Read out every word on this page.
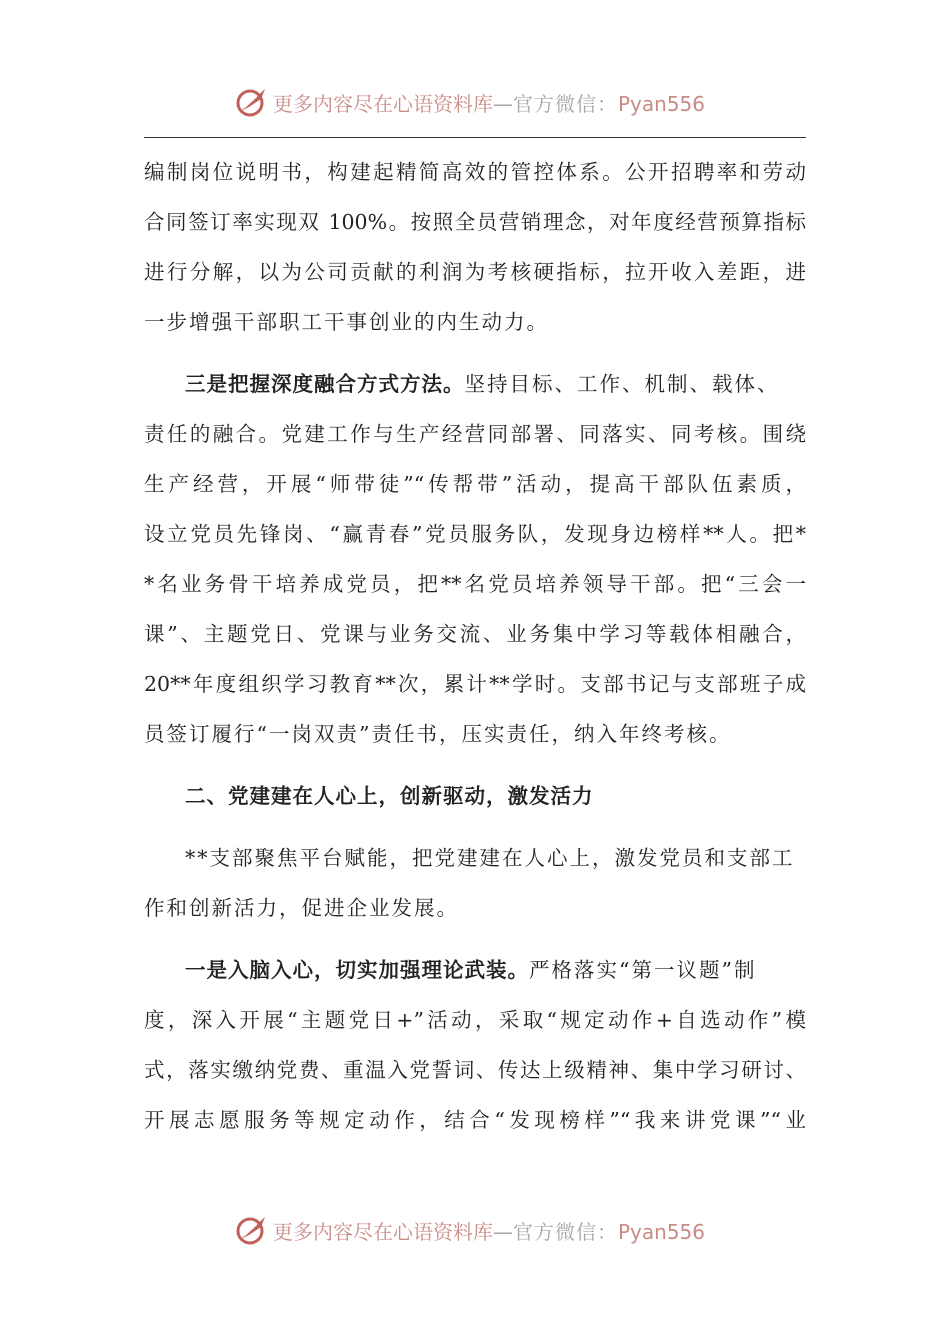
更多内容尽在心语资料库—官方微信：Pyan556
编制岗位说明书，构建起精简高效的管控体系。公开招聘率和劳动
合同签订率实现双 100%。按照全员营销理念，对年度经营预算指标
进行分解，以为公司贡献的利润为考核硬指标，拉开收入差距，进
一步增强干部职工干事创业的内生动力。
三是把握深度融合方式方法。坚持目标、工作、机制、载体、
责任的融合。党建工作与生产经营同部署、同落实、同考核。围绕
生产经营，开展“师带徒”“传帮带”活动，提高干部队伍素质，
设立党员先锋岗、“赢青春”党员服务队，发现身边榜样**人。把*
*名业务骨干培养成党员，把**名党员培养领导干部。把“三会一
课”、主题党日、党课与业务交流、业务集中学习等载体相融合，
20**年度组织学习教育**次，累计**学时。支部书记与支部班子成
员签订履行“一岗双责”责任书，压实责任，纳入年终考核。
二、党建建在人心上，创新驱动，激发活力
**支部聚焦平台赋能，把党建建在人心上，激发党员和支部工
作和创新活力，促进企业发展。
一是入脑入心，切实加强理论武装。严格落实“第一议题”制
度，深入开展“主题党日+”活动，采取“规定动作+自选动作”模
式，落实缴纳党费、重温入党誓词、传达上级精神、集中学习研讨、
开展志愿服务等规定动作，结合“发现榜样”“我来讲党课”“业
更多内容尽在心语资料库—官方微信：Pyan556
